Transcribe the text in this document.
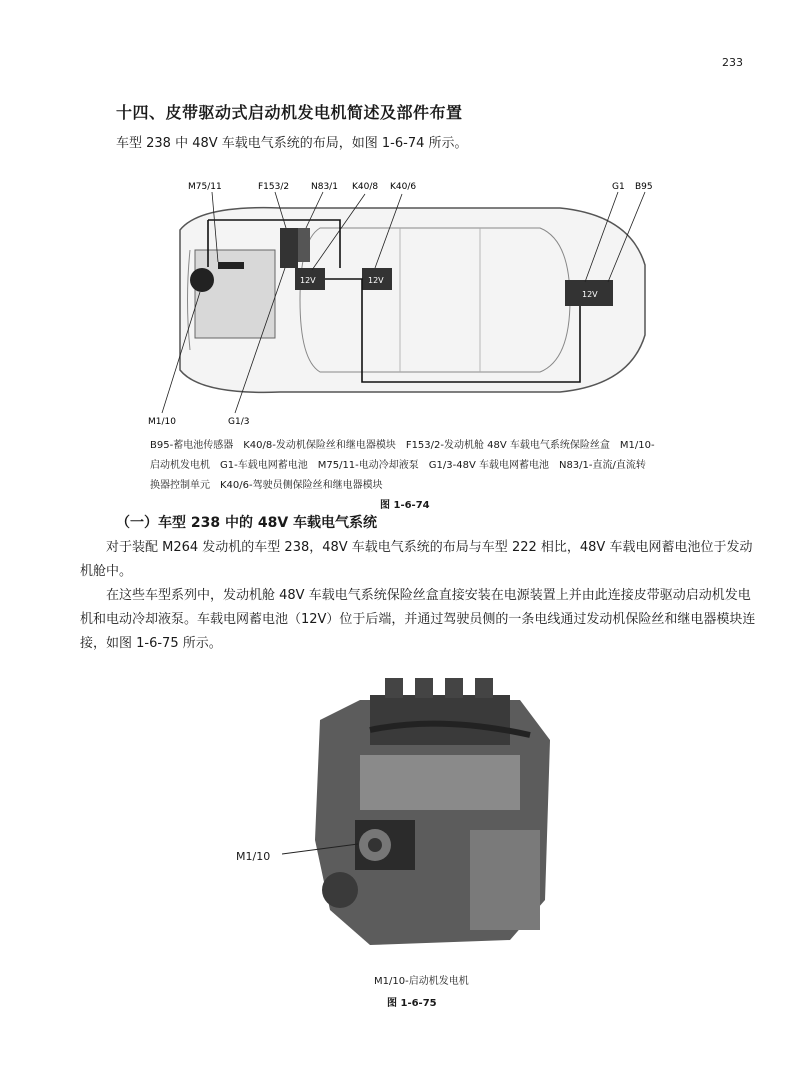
233
十四、皮带驱动式启动机发电机简述及部件布置
车型 238 中 48V 车载电气系统的布局，如图 1-6-74 所示。
12V	12V
12V
M75/11	F153/2 N83/1 K40/8 K40/6	G1 B95
M1/10	G1/3
B95-蓄电池传感器　K40/8-发动机保险丝和继电器模块　F153/2-发动机舱 48V 车载电气系统保险丝盒　M1/10-
启动机发电机　G1-车载电网蓄电池　M75/11-电动冷却液泵　G1/3-48V 车载电网蓄电池　N83/1-直流/直流转
换器控制单元　K40/6-驾驶员侧保险丝和继电器模块
图 1-6-74
（一）车型 238 中的 48V 车载电气系统
对于装配 M264 发动机的车型 238，48V 车载电气系统的布局与车型 222 相比，48V 车载电网蓄电池位于发动机舱中。
在这些车型系列中，发动机舱 48V 车载电气系统保险丝盒直接安装在电源装置上并由此连接皮带驱动启动机发电机和电动冷却液泵。车载电网蓄电池（12V）位于后端，并通过驾驶员侧的一条电线通过发动机保险丝和继电器模块连接，如图 1-6-75 所示。
M1/10
M1/10-启动机发电机
图 1-6-75
